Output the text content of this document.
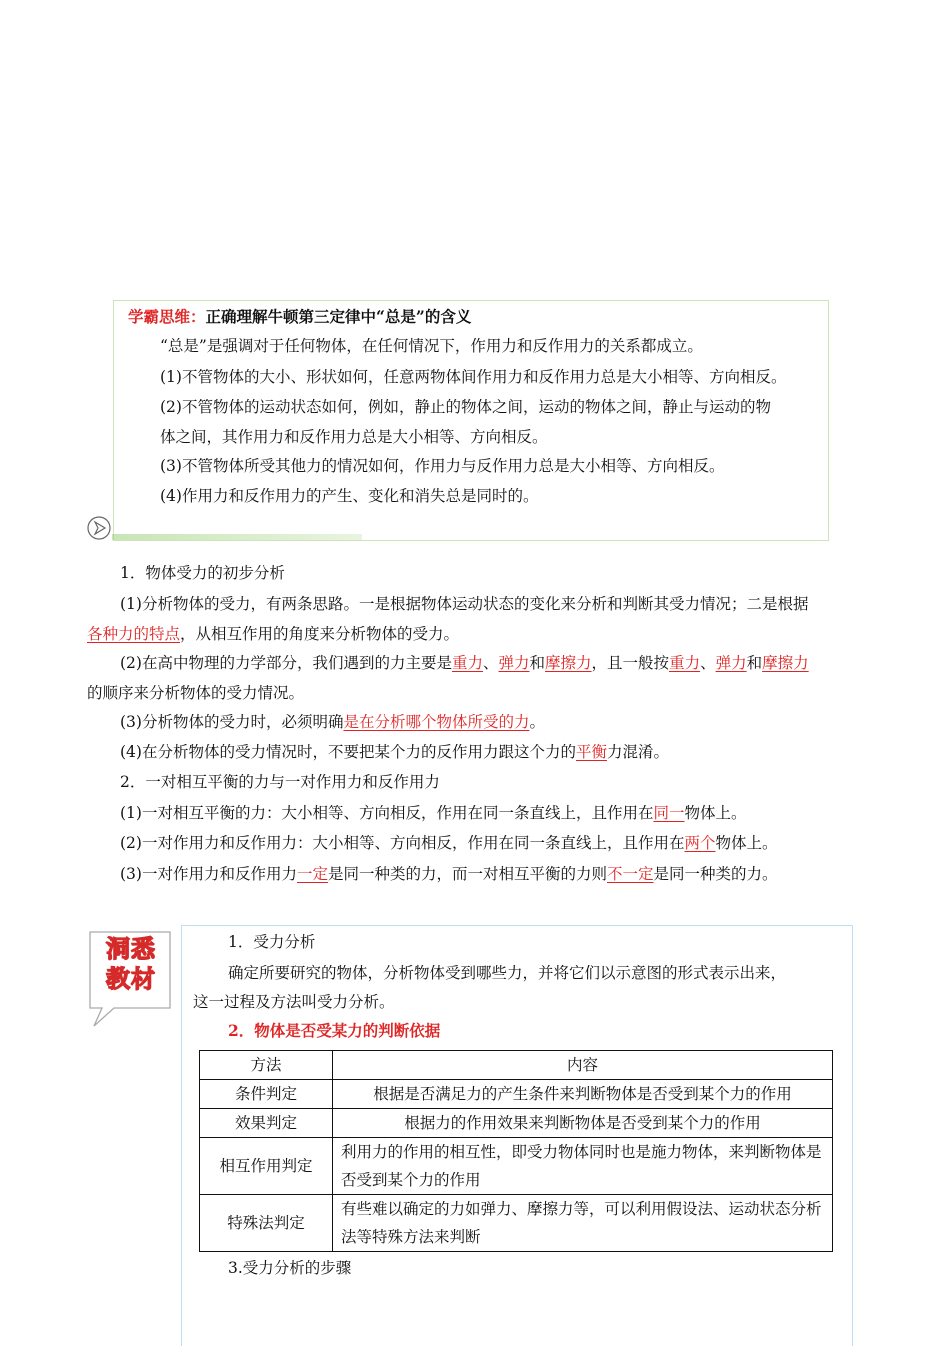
学霸思维：正确理解牛顿第三定律中“总是”的含义
“总是”是强调对于任何物体，在任何情况下，作用力和反作用力的关系都成立。
(1)不管物体的大小、形状如何，任意两物体间作用力和反作用力总是大小相等、方向相反。
(2)不管物体的运动状态如何，例如，静止的物体之间，运动的物体之间，静止与运动的物
体之间，其作用力和反作用力总是大小相等、方向相反。
(3)不管物体所受其他力的情况如何，作用力与反作用力总是大小相等、方向相反。
(4)作用力和反作用力的产生、变化和消失总是同时的。
1．物体受力的初步分析
(1)分析物体的受力，有两条思路。一是根据物体运动状态的变化来分析和判断其受力情况；二是根据
各种力的特点，从相互作用的角度来分析物体的受力。
(2)在高中物理的力学部分，我们遇到的力主要是重力、弹力和摩擦力，且一般按重力、弹力和摩擦力
的顺序来分析物体的受力情况。
(3)分析物体的受力时，必须明确是在分析哪个物体所受的力。
(4)在分析物体的受力情况时，不要把某个力的反作用力跟这个力的平衡力混淆。
2．一对相互平衡的力与一对作用力和反作用力
(1)一对相互平衡的力：大小相等、方向相反，作用在同一条直线上，且作用在同一物体上。
(2)一对作用力和反作用力：大小相等、方向相反，作用在同一条直线上，且作用在两个物体上。
(3)一对作用力和反作用力一定是同一种类的力，而一对相互平衡的力则不一定是同一种类的力。
洞悉
教材
1．受力分析
确定所要研究的物体，分析物体受到哪些力，并将它们以示意图的形式表示出来，
这一过程及方法叫受力分析。
2．物体是否受某力的判断依据
方法	内容
条件判定	根据是否满足力的产生条件来判断物体是否受到某个力的作用
效果判定	根据力的作用效果来判断物体是否受到某个力的作用
相互作用判定	利用力的作用的相互性，即受力物体同时也是施力物体，来判断物体是否受到某个力的作用
特殊法判定	有些难以确定的力如弹力、摩擦力等，可以利用假设法、运动状态分析法等特殊方法来判断
3.受力分析的步骤
